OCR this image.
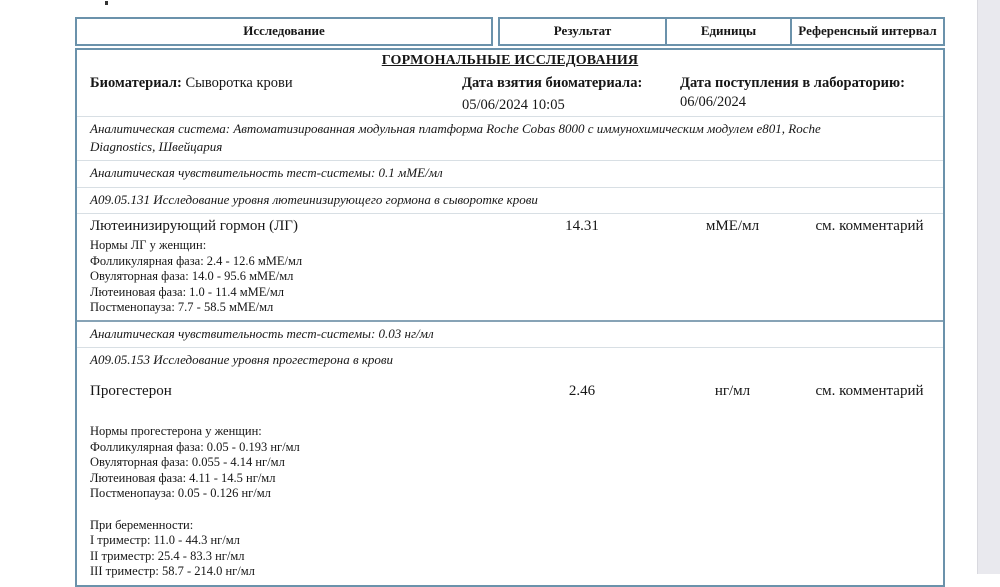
Исследование	Результат	Единицы	Референсный интервал
ГОРМОНАЛЬНЫЕ ИССЛЕДОВАНИЯ
Биоматериал: Сыворотка крови	Дата взятия биоматериала:
05/06/2024 10:05
Дата поступления в лабораторию:
06/06/2024
Аналитическая система: Автоматизированная модульная платформа Roche Cobas 8000 с иммунохимическим модулем e801, Roche Diagnostics, Швейцария
Аналитическая чувствительность тест-системы: 0.1 мМЕ/мл
A09.05.131 Исследование уровня лютеинизирующего гормона в сыворотке крови
Лютеинизирующий гормон (ЛГ)	14.31	мМЕ/мл	см. комментарий
Нормы ЛГ у женщин:
Фолликулярная фаза: 2.4 - 12.6 мМЕ/мл
Овуляторная фаза: 14.0 - 95.6 мМЕ/мл
Лютеиновая фаза: 1.0 - 11.4 мМЕ/мл
Постменопауза: 7.7 - 58.5 мМЕ/мл
Аналитическая чувствительность тест-системы: 0.03 нг/мл
A09.05.153 Исследование уровня прогестерона в крови
Прогестерон	2.46	нг/мл	см. комментарий
Нормы прогестерона у женщин:
Фолликулярная фаза: 0.05 - 0.193 нг/мл
Овуляторная фаза: 0.055 - 4.14 нг/мл
Лютеиновая фаза: 4.11 - 14.5 нг/мл
Постменопауза: 0.05 - 0.126 нг/мл
При беременности:
I триместр: 11.0 - 44.3 нг/мл
II триместр: 25.4 - 83.3 нг/мл
III триместр: 58.7 - 214.0 нг/мл
